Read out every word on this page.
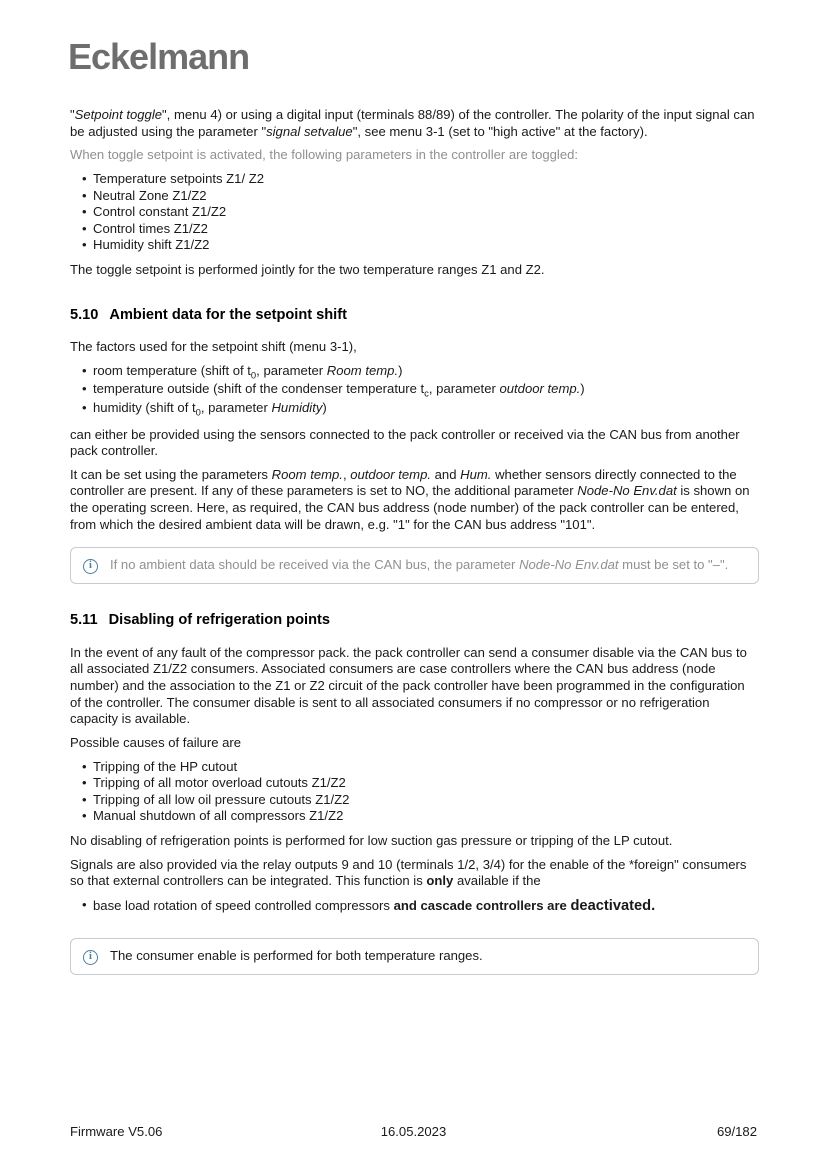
Eckelmann

"Setpoint toggle", menu 4) or using a digital input (terminals 88/89) of the controller. The polarity of the input signal can be adjusted using the parameter "signal setvalue", see menu 3-1 (set to "high active" at the factory).

When toggle setpoint is activated, the following parameters in the controller are toggled:

• Temperature setpoints Z1/ Z2
• Neutral Zone Z1/Z2
• Control constant Z1/Z2
• Control times Z1/Z2
• Humidity shift Z1/Z2

The toggle setpoint is performed jointly for the two temperature ranges Z1 and Z2.

5.10 Ambient data for the setpoint shift

The factors used for the setpoint shift (menu 3-1),

• room temperature (shift of $t_0$, parameter Room temp.)
• temperature outside (shift of the condenser temperature $t_c$, parameter outdoor temp.)
• humidity (shift of $t_0$, parameter Humidity)

can either be provided using the sensors connected to the pack controller or received via the CAN bus from another pack controller.

It can be set using the parameters Room temp., outdoor temp. and Hum. whether sensors directly connected to the controller are present. If any of these parameters is set to NO, the additional parameter Node-No Env.dat is shown on the operating screen. Here, as required, the CAN bus address (node number) of the pack controller can be entered, from which the desired ambient data will be drawn, e.g. "1" for the CAN bus address "101".

i	If no ambient data should be received via the CAN bus, the parameter Node-No Env.dat must be set to "–".
5.11 Disabling of refrigeration points

In the event of any fault of the compressor pack. the pack controller can send a consumer disable via the CAN bus to all associated Z1/Z2 consumers. Associated consumers are case controllers where the CAN bus address (node number) and the association to the Z1 or Z2 circuit of the pack controller have been programmed in the configuration of the controller. The consumer disable is sent to all associated consumers if no compressor or no refrigeration capacity is available.

Possible causes of failure are

• Tripping of the HP cutout
• Tripping of all motor overload cutouts Z1/Z2
• Tripping of all low oil pressure cutouts Z1/Z2
• Manual shutdown of all compressors Z1/Z2

No disabling of refrigeration points is performed for low suction gas pressure or tripping of the LP cutout.

Signals are also provided via the relay outputs 9 and 10 (terminals 1/2, 3/4) for the enable of the *foreign" consumers so that external controllers can be integrated. This function is only available if the

• base load rotation of speed controlled compressors and cascade controllers are deactivated.
i	The consumer enable is performed for both temperature ranges.
Firmware V5.06	16.05.2023	69/182
